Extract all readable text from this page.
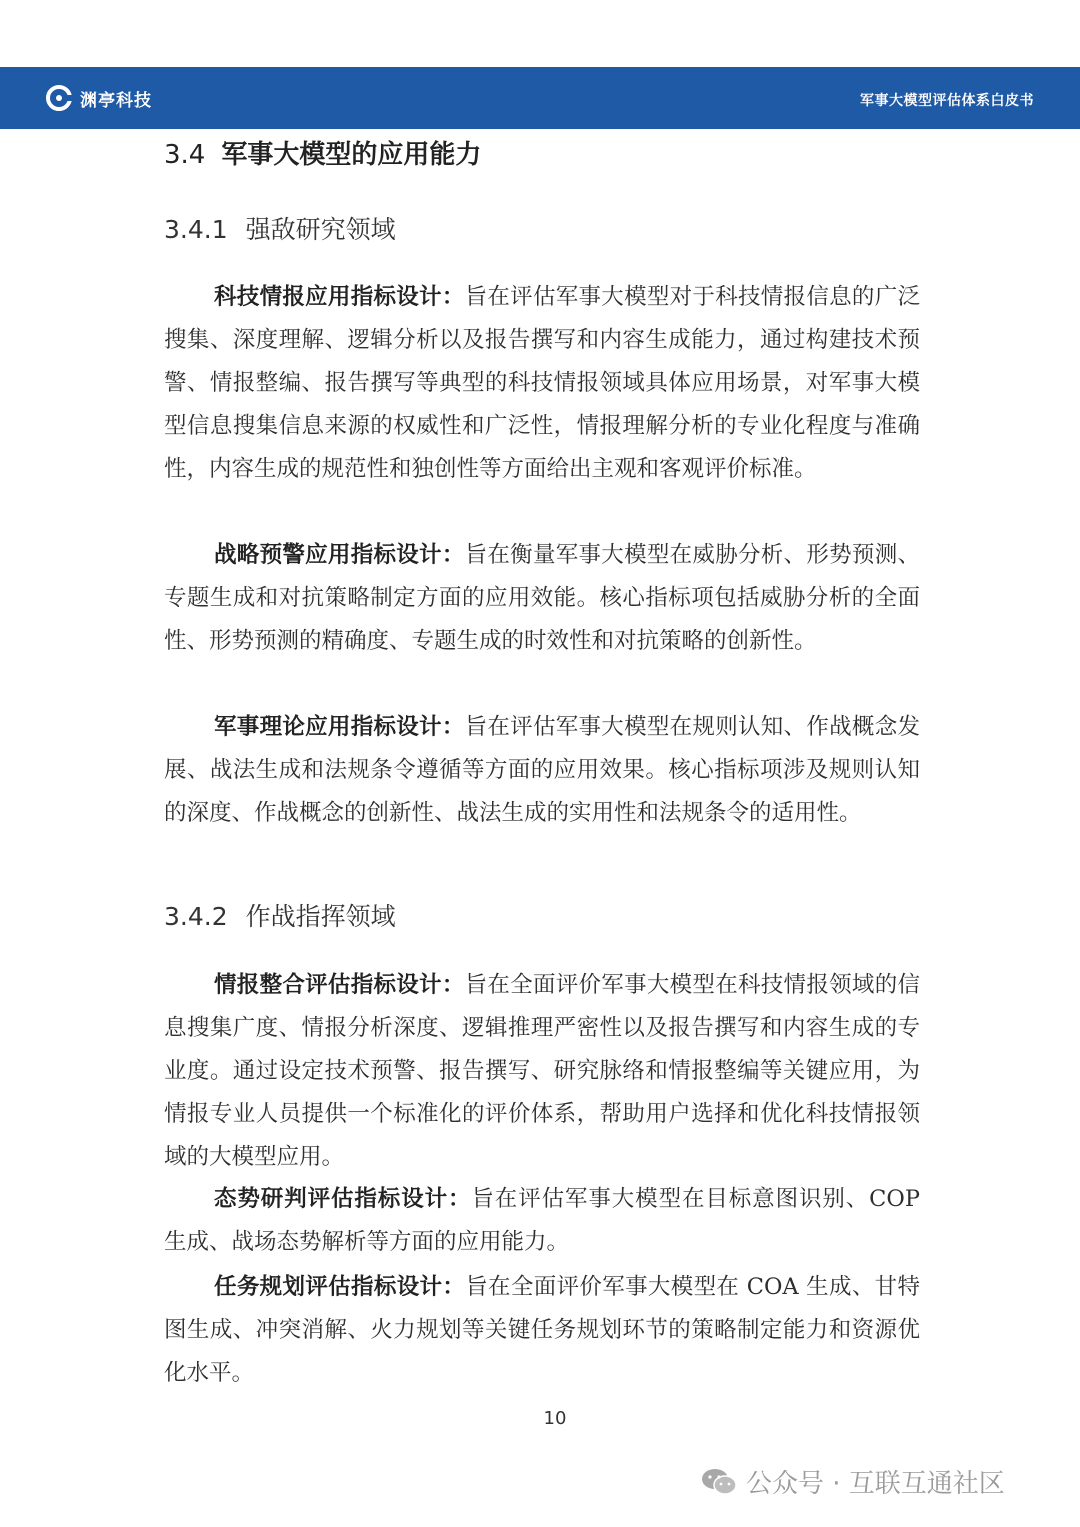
渊亭科技	军事大模型评估体系白皮书
3.4 军事大模型的应用能力
3.4.1 强敌研究领域

科技情报应用指标设计：旨在评估军事大模型对于科技情报信息的广泛搜集、深度理解、逻辑分析以及报告撰写和内容生成能力，通过构建技术预警、情报整编、报告撰写等典型的科技情报领域具体应用场景，对军事大模型信息搜集信息来源的权威性和广泛性，情报理解分析的专业化程度与准确性，内容生成的规范性和独创性等方面给出主观和客观评价标准。

战略预警应用指标设计：旨在衡量军事大模型在威胁分析、形势预测、专题生成和对抗策略制定方面的应用效能。核心指标项包括威胁分析的全面性、形势预测的精确度、专题生成的时效性和对抗策略的创新性。

军事理论应用指标设计：旨在评估军事大模型在规则认知、作战概念发展、战法生成和法规条令遵循等方面的应用效果。核心指标项涉及规则认知的深度、作战概念的创新性、战法生成的实用性和法规条令的适用性。

3.4.2 作战指挥领域

情报整合评估指标设计：旨在全面评价军事大模型在科技情报领域的信息搜集广度、情报分析深度、逻辑推理严密性以及报告撰写和内容生成的专业度。通过设定技术预警、报告撰写、研究脉络和情报整编等关键应用，为情报专业人员提供一个标准化的评价体系，帮助用户选择和优化科技情报领域的大模型应用。

态势研判评估指标设计：旨在评估军事大模型在目标意图识别、COP 生成、战场态势解析等方面的应用能力。

任务规划评估指标设计：旨在全面评价军事大模型在 COA 生成、甘特图生成、冲突消解、火力规划等关键任务规划环节的策略制定能力和资源优化水平。

10
公众号 · 互联互通社区
